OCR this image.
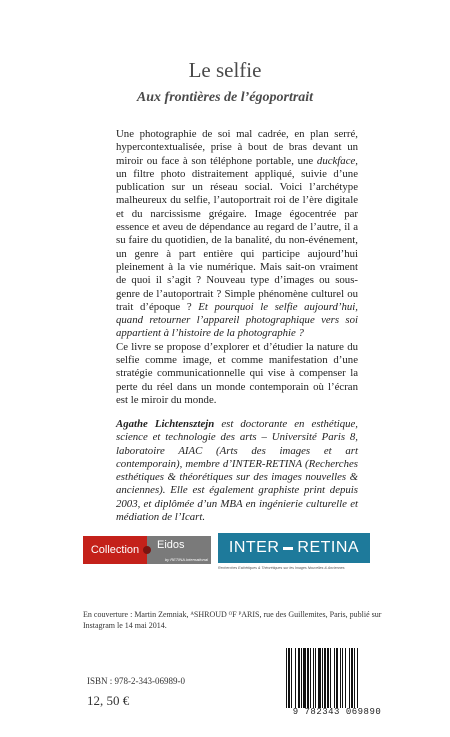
Le selfie
Aux frontières de l’égoportrait

Une photographie de soi mal cadrée, en plan serré, hypercontextualisée, prise à bout de bras devant un miroir ou face à son téléphone portable, une duckface, un filtre photo distraitement appliqué, suivie d’une publication sur un réseau social. Voici l’archétype malheureux du selfie, l’autoportrait roi de l’ère digitale et du narcissisme grégaire. Image égocentrée par essence et aveu de dépendance au regard de l’autre, il a su faire du quotidien, de la banalité, du non-événement, un genre à part entière qui participe aujourd’hui pleinement à la vie numérique. Mais sait-on vraiment de quoi il s’agit ? Nouveau type d’images ou sous-genre de l’autoportrait ? Simple phénomène culturel ou trait d’époque ? Et pourquoi le selfie aujourd’hui, quand retourner l’appareil photographique vers soi appartient à l’histoire de la photographie ?

Ce livre se propose d’explorer et d’étudier la nature du selfie comme image, et comme manifestation d’une stratégie communicationnelle qui vise à compenser la perte du réel dans un monde contemporain où l’écran est le miroir du monde.

Agathe Lichtensztejn est doctorante en esthétique, science et technologie des arts – Université Paris 8, laboratoire AIAC (Arts des images et art contemporain), membre d’INTER-RETINA (Recherches esthétiques & théorétiques sur des images nouvelles & anciennes). Elle est également graphiste print depuis 2003, et diplômée d’un MBA en ingénierie culturelle et médiation de l’Icart.
Collection	Eidos
by RETINA.International
INTER RETINA
Recherches Esthétiques & Théorétiques sur les Images Nouvelles & Anciennes
En couverture : Martin Zemniak, ᴬSHROUD ᴼF ᴾARIS, rue des Guillemites, Paris, publié sur Instagram le 14 mai 2014.
ISBN : 978-2-343-06989-0
12, 50 €
9 782343 069890
